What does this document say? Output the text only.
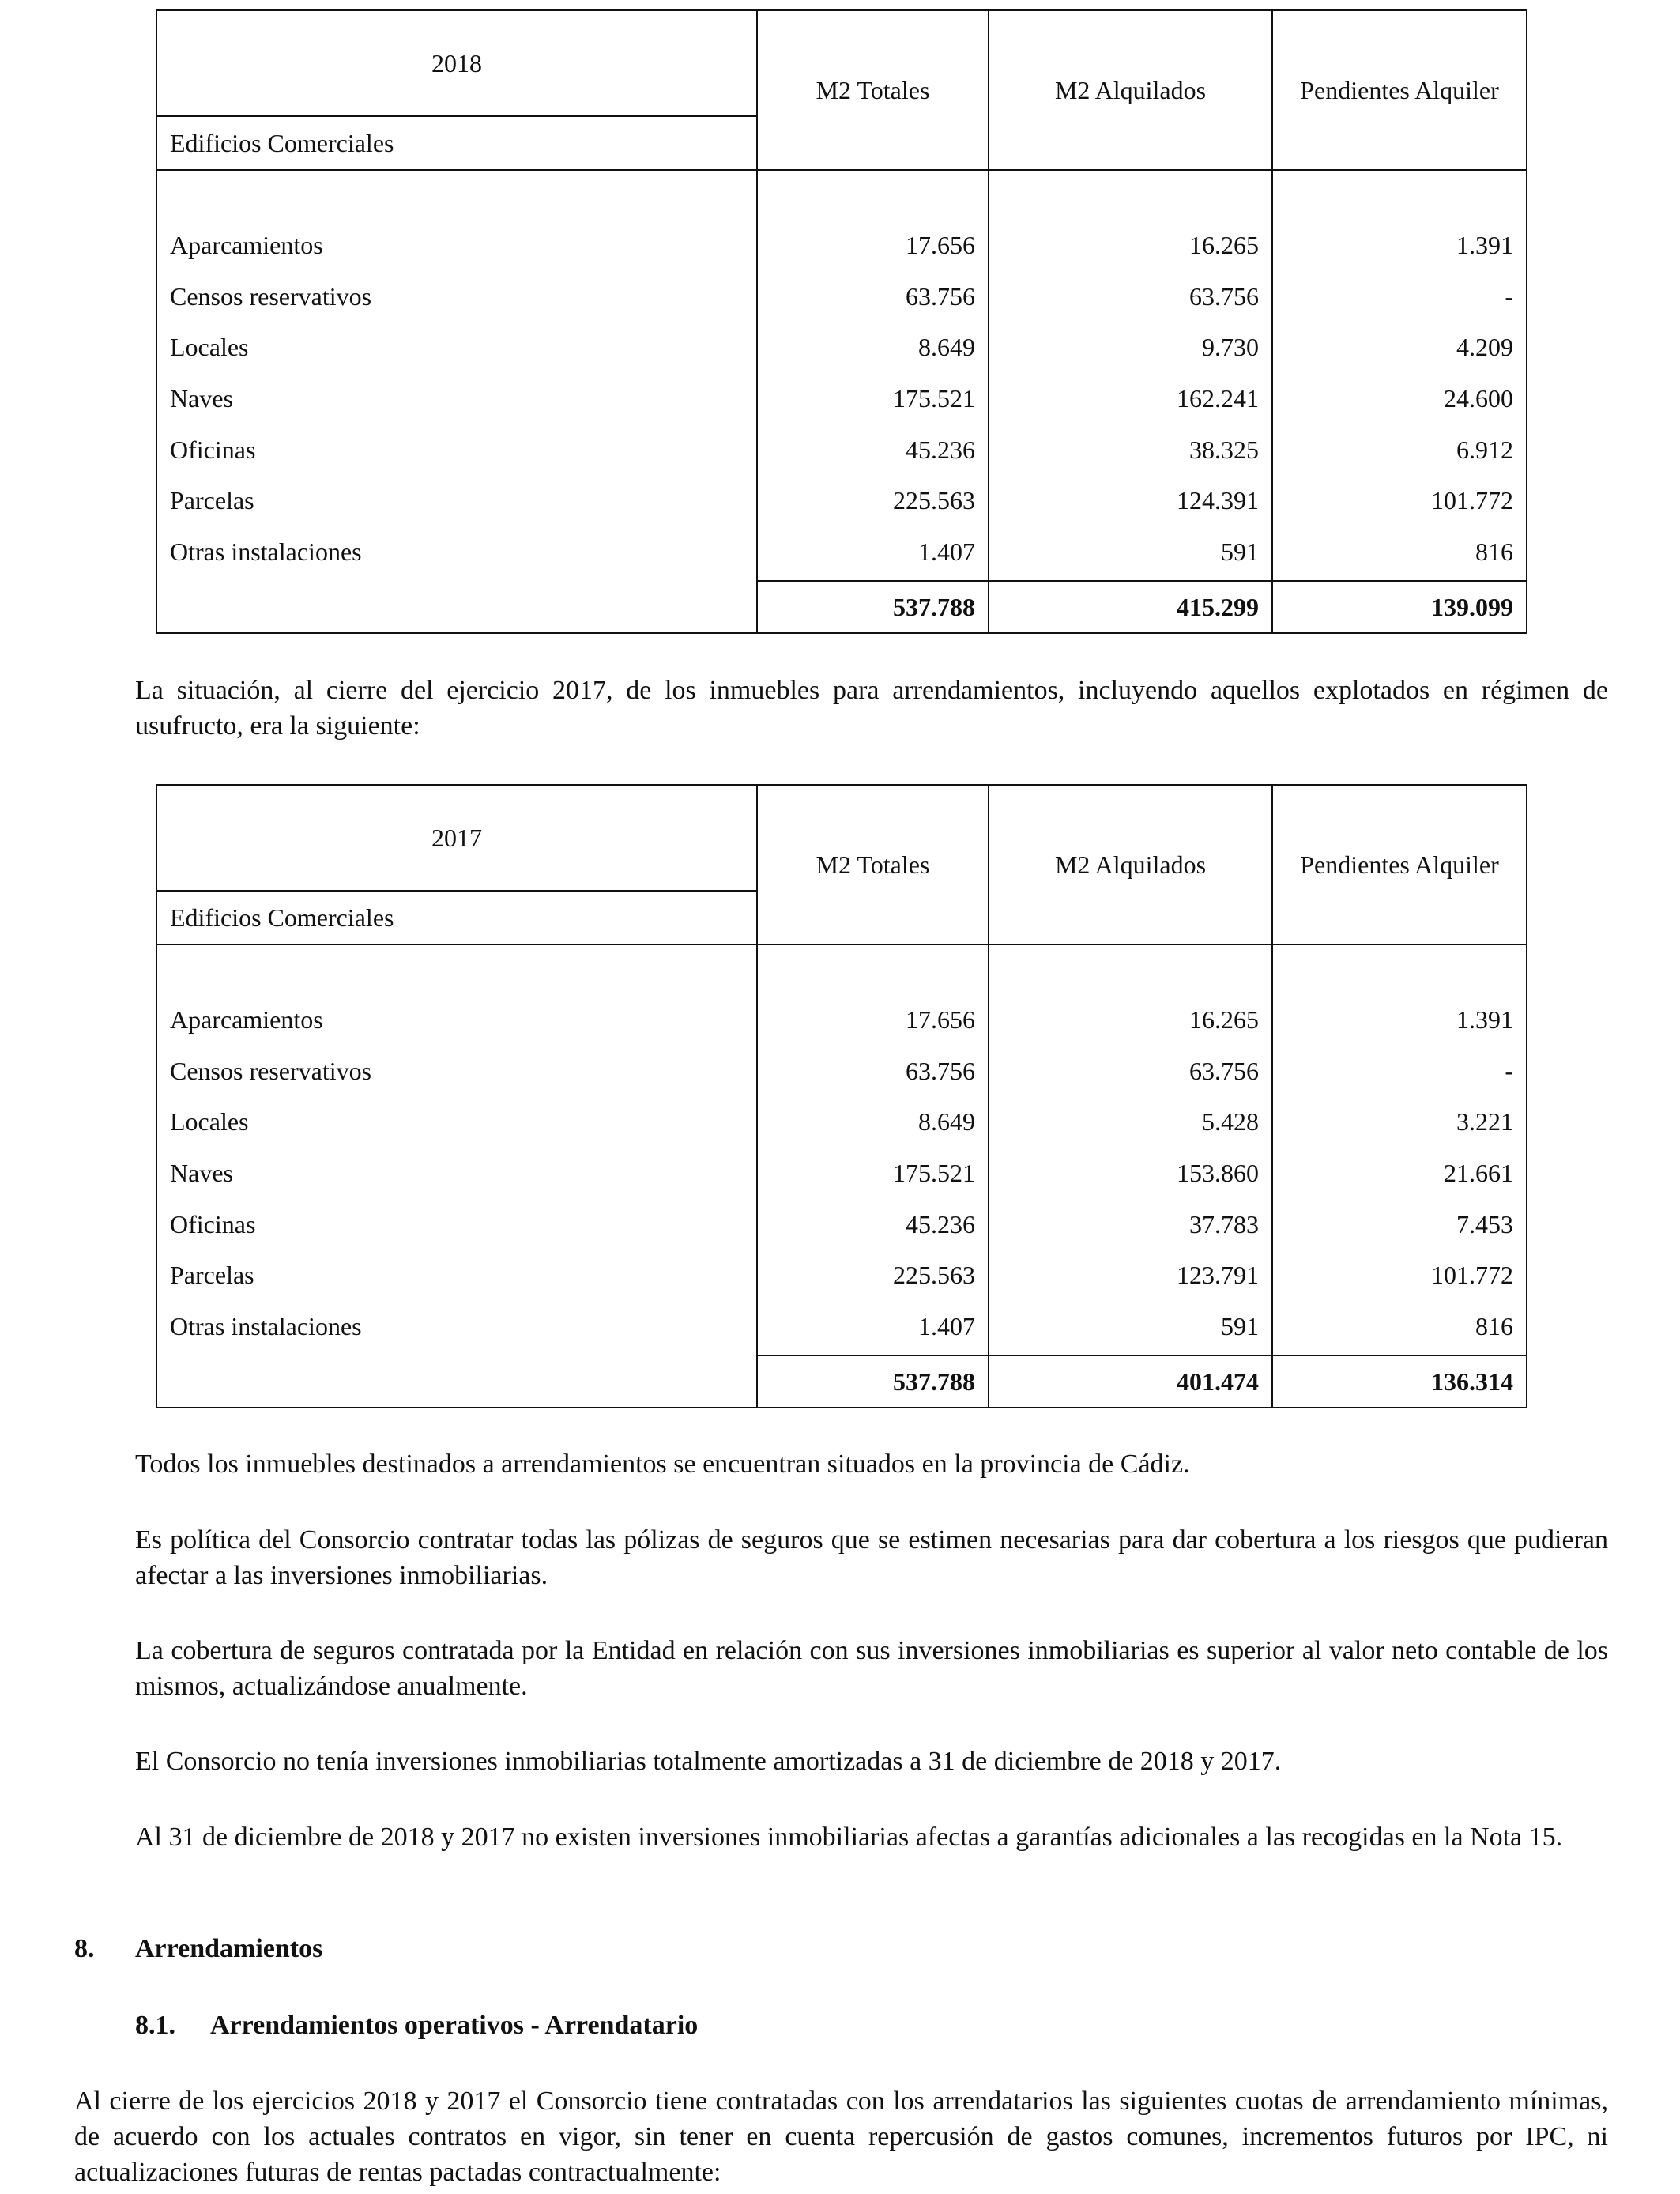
2018	M2 Totales	M2 Alquilados	Pendientes Alquiler
Edificios Comerciales			

Aparcamientos	17.656	16.265	1.391
Censos reservativos	63.756	63.756	-
Locales	8.649	9.730	4.209
Naves	175.521	162.241	24.600
Oficinas	45.236	38.325	6.912
Parcelas	225.563	124.391	101.772
Otras instalaciones	1.407	591	816
	537.788	415.299	139.099
La situación, al cierre del ejercicio 2017, de los inmuebles para arrendamientos, incluyendo aquellos explotados en régimen de usufructo, era la siguiente:
2017	M2 Totales	M2 Alquilados	Pendientes Alquiler
Edificios Comerciales			

Aparcamientos	17.656	16.265	1.391
Censos reservativos	63.756	63.756	-
Locales	8.649	5.428	3.221
Naves	175.521	153.860	21.661
Oficinas	45.236	37.783	7.453
Parcelas	225.563	123.791	101.772
Otras instalaciones	1.407	591	816
	537.788	401.474	136.314
Todos los inmuebles destinados a arrendamientos se encuentran situados en la provincia de Cádiz.
Es política del Consorcio contratar todas las pólizas de seguros que se estimen necesarias para dar cobertura a los riesgos que pudieran afectar a las inversiones inmobiliarias.
La cobertura de seguros contratada por la Entidad en relación con sus inversiones inmobiliarias es superior al valor neto contable de los mismos, actualizándose anualmente.
El Consorcio no tenía inversiones inmobiliarias totalmente amortizadas a 31 de diciembre de 2018 y 2017.
Al 31 de diciembre de 2018 y 2017 no existen inversiones inmobiliarias afectas a garantías adicionales a las recogidas en la Nota 15.
8. Arrendamientos
8.1. Arrendamientos operativos - Arrendatario
Al cierre de los ejercicios 2018 y 2017 el Consorcio tiene contratadas con los arrendatarios las siguientes cuotas de arrendamiento mínimas, de acuerdo con los actuales contratos en vigor, sin tener en cuenta repercusión de gastos comunes, incrementos futuros por IPC, ni actualizaciones futuras de rentas pactadas contractualmente:
